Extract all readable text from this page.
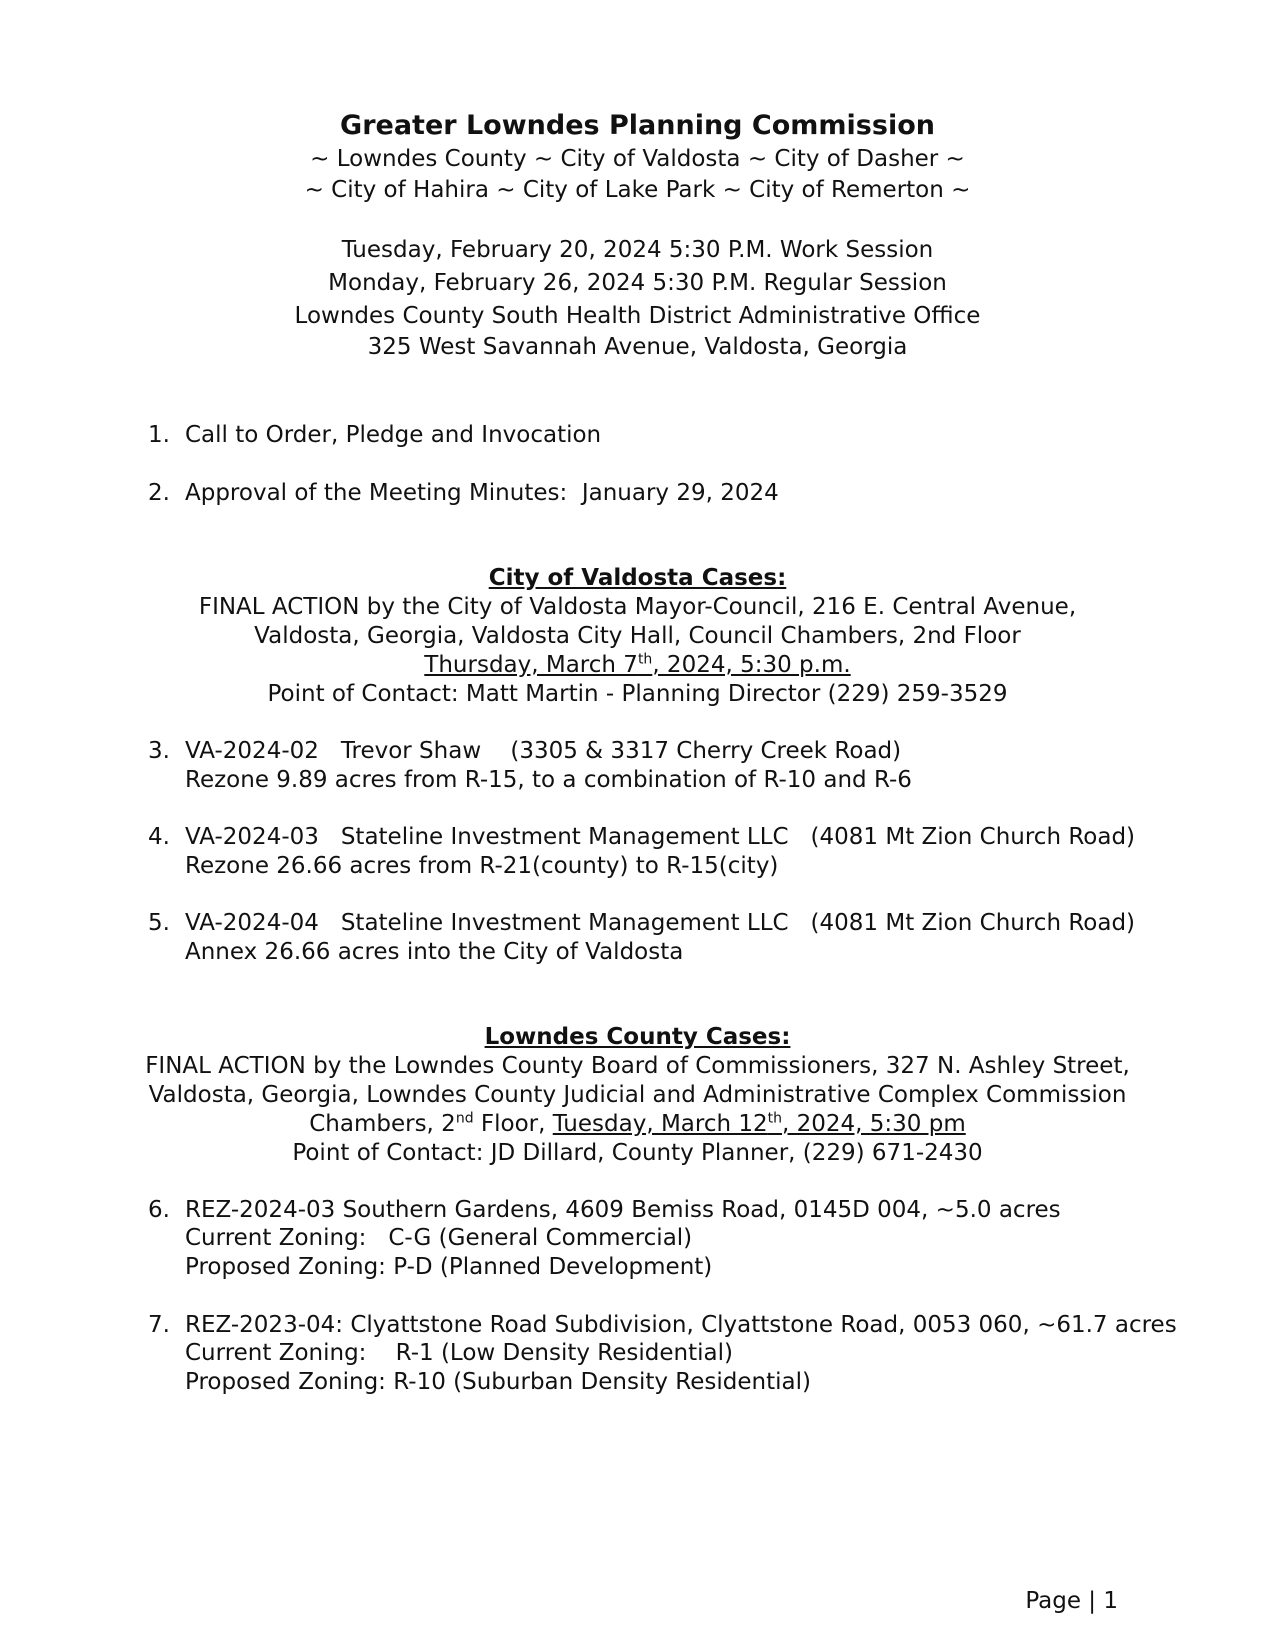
Greater Lowndes Planning Commission
~ Lowndes County ~ City of Valdosta ~ City of Dasher ~
~ City of Hahira ~ City of Lake Park ~ City of Remerton ~
Tuesday, February 20, 2024 5:30 P.M. Work Session
Monday, February 26, 2024 5:30 P.M. Regular Session
Lowndes County South Health District Administrative Office
325 West Savannah Avenue, Valdosta, Georgia
1. Call to Order, Pledge and Invocation
2. Approval of the Meeting Minutes:  January 29, 2024
City of Valdosta Cases:
FINAL ACTION by the City of Valdosta Mayor-Council, 216 E. Central Avenue,
Valdosta, Georgia, Valdosta City Hall, Council Chambers, 2nd Floor
Thursday, March 7th, 2024, 5:30 p.m.
Point of Contact: Matt Martin - Planning Director (229) 259-3529
3. VA-2024-02   Trevor Shaw    (3305 & 3317 Cherry Creek Road)
Rezone 9.89 acres from R-15, to a combination of R-10 and R-6
4. VA-2024-03   Stateline Investment Management LLC   (4081 Mt Zion Church Road)
Rezone 26.66 acres from R-21(county) to R-15(city)
5. VA-2024-04   Stateline Investment Management LLC   (4081 Mt Zion Church Road)
Annex 26.66 acres into the City of Valdosta
Lowndes County Cases:
FINAL ACTION by the Lowndes County Board of Commissioners, 327 N. Ashley Street,
Valdosta, Georgia, Lowndes County Judicial and Administrative Complex Commission
Chambers, 2nd Floor, Tuesday, March 12th, 2024, 5:30 pm
Point of Contact: JD Dillard, County Planner, (229) 671-2430
6. REZ-2024-03 Southern Gardens, 4609 Bemiss Road, 0145D 004, ~5.0 acres
Current Zoning:   C-G (General Commercial)
Proposed Zoning: P-D (Planned Development)
7. REZ-2023-04: Clyattstone Road Subdivision, Clyattstone Road, 0053 060, ~61.7 acres
Current Zoning:    R-1 (Low Density Residential)
Proposed Zoning: R-10 (Suburban Density Residential)
Page | 1
